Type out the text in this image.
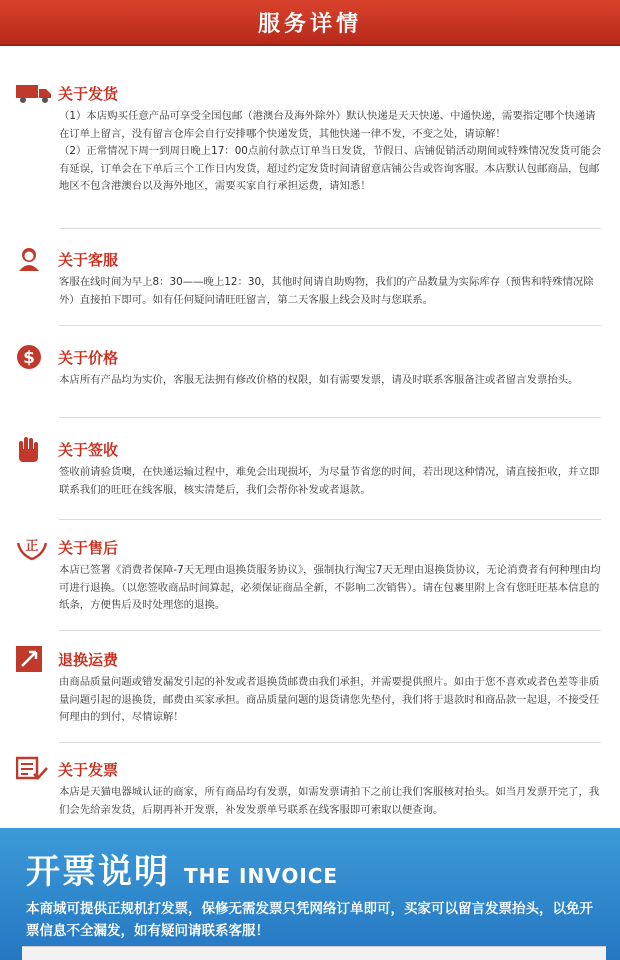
服务详情
关于发货

（1）本店购买任意产品可享受全国包邮（港澳台及海外除外）默认快递是天天快递、中通快递，需要指定哪个快递请在订单上留言，没有留言仓库会自行安排哪个快递发货，其他快递一律不发，不变之处，请谅解！

（2）正常情况下周一到周日晚上17：00点前付款点订单当日发货，节假日、店铺促销活动期间或特殊情况发货可能会有延误，订单会在下单后三个工作日内发货，超过约定发货时间请留意店铺公告或咨询客服。本店默认包邮商品，包邮地区不包含港澳台以及海外地区，需要买家自行承担运费，请知悉！

关于客服

客服在线时间为早上8：30——晚上12：30，其他时间请自助购物，我们的产品数量为实际库存（预售和特殊情况除外）直接拍下即可。如有任何疑问请旺旺留言，第二天客服上线会及时与您联系。

$ 关于价格

本店所有产品均为实价，客服无法拥有修改价格的权限，如有需要发票，请及时联系客服备注或者留言发票抬头。

关于签收

签收前请验货噢，在快递运输过程中，难免会出现损坏，为尽量节省您的时间，若出现这种情况，请直接拒收，并立即联系我们的旺旺在线客服，核实清楚后，我们会帮你补发或者退款。

正 关于售后

本店已签署《消费者保障-7天无理由退换货服务协议》，强制执行淘宝7天无理由退换货协议，无论消费者有何种理由均可进行退换。（以您签收商品时间算起，必须保证商品全新，不影响二次销售）。请在包裹里附上含有您旺旺基本信息的纸条，方便售后及时处理您的退换。

退换运费

由商品质量问题或错发漏发引起的补发或者退换货邮费由我们承担，并需要提供照片。如由于您不喜欢或者色差等非质量问题引起的退换货，邮费由买家承担。商品质量问题的退货请您先垫付，我们将于退款时和商品款一起退，不接受任何理由的到付，尽情谅解！

关于发票

本店是天猫电器城认证的商家，所有商品均有发票，如需发票请拍下之前让我们客服核对抬头。如当月发票开完了，我们会先给亲发货，后期再补开发票，补发发票单号联系在线客服即可索取以便查询。

开票说明 THE INVOICE
本商城可提供正规机打发票，保修无需发票只凭网络订单即可，买家可以留言发票抬头，以免开票信息不全漏发，如有疑问请联系客服！
